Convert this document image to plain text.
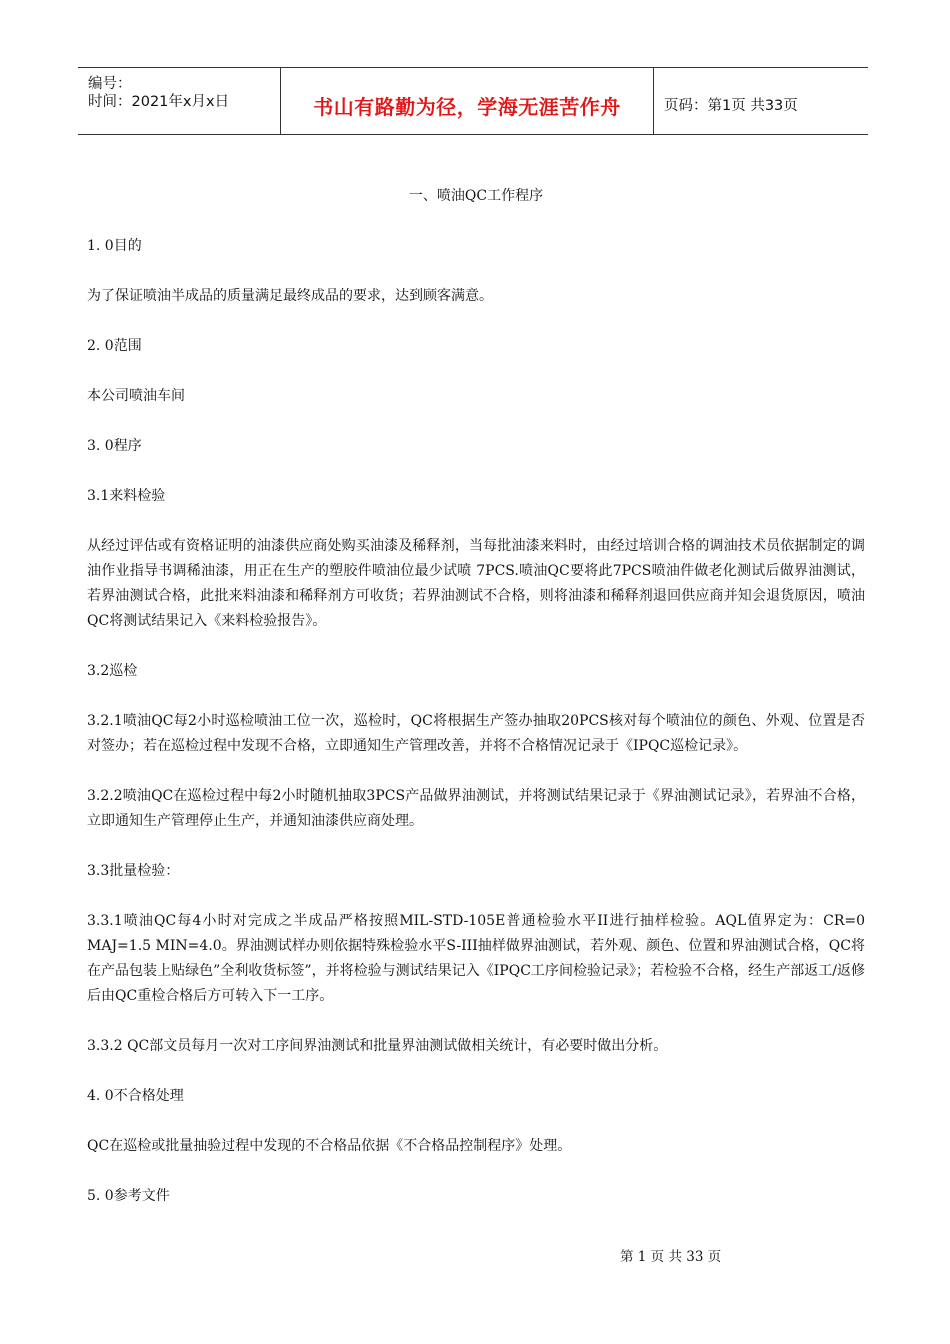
编号：
时间：2021年x月x日	书山有路勤为径，学海无涯苦作舟	页码：第1页 共33页
一、喷油QC工作程序

1. 0目的

为了保证喷油半成品的质量满足最终成品的要求，达到顾客满意。

2. 0范围

本公司喷油车间

3. 0程序

3.1来料检验

从经过评估或有资格证明的油漆供应商处购买油漆及稀释剂，当每批油漆来料时，由经过培训合格的调油技术员依据制定的调油作业指导书调稀油漆，用正在生产的塑胶件喷油位最少试喷 7PCS.喷油QC要将此7PCS喷油件做老化测试后做界油测试，若界油测试合格，此批来料油漆和稀释剂方可收货；若界油测试不合格，则将油漆和稀释剂退回供应商并知会退货原因，喷油QC将测试结果记入《来料检验报告》。

3.2巡检

3.2.1喷油QC每2小时巡检喷油工位一次，巡检时，QC将根据生产签办抽取20PCS核对每个喷油位的颜色、外观、位置是否对签办；若在巡检过程中发现不合格，立即通知生产管理改善，并将不合格情况记录于《IPQC巡检记录》。

3.2.2喷油QC在巡检过程中每2小时随机抽取3PCS产品做界油测试，并将测试结果记录于《界油测试记录》，若界油不合格，立即通知生产管理停止生产，并通知油漆供应商处理。

3.3批量检验：

3.3.1喷油QC每4小时对完成之半成品严格按照MIL-STD-105E普通检验水平II进行抽样检验。AQL值界定为：CR=0 MAJ=1.5 MIN=4.0。界油测试样办则依据特殊检验水平S-III抽样做界油测试，若外观、颜色、位置和界油测试合格，QC将在产品包装上贴绿色”全利收货标签”，并将检验与测试结果记入《IPQC工序间检验记录》；若检验不合格，经生产部返工/返修后由QC重检合格后方可转入下一工序。

3.3.2 QC部文员每月一次对工序间界油测试和批量界油测试做相关统计，有必要时做出分析。

4. 0不合格处理

QC在巡检或批量抽验过程中发现的不合格品依据《不合格品控制程序》处理。

5. 0参考文件

第 1 页 共 33 页
